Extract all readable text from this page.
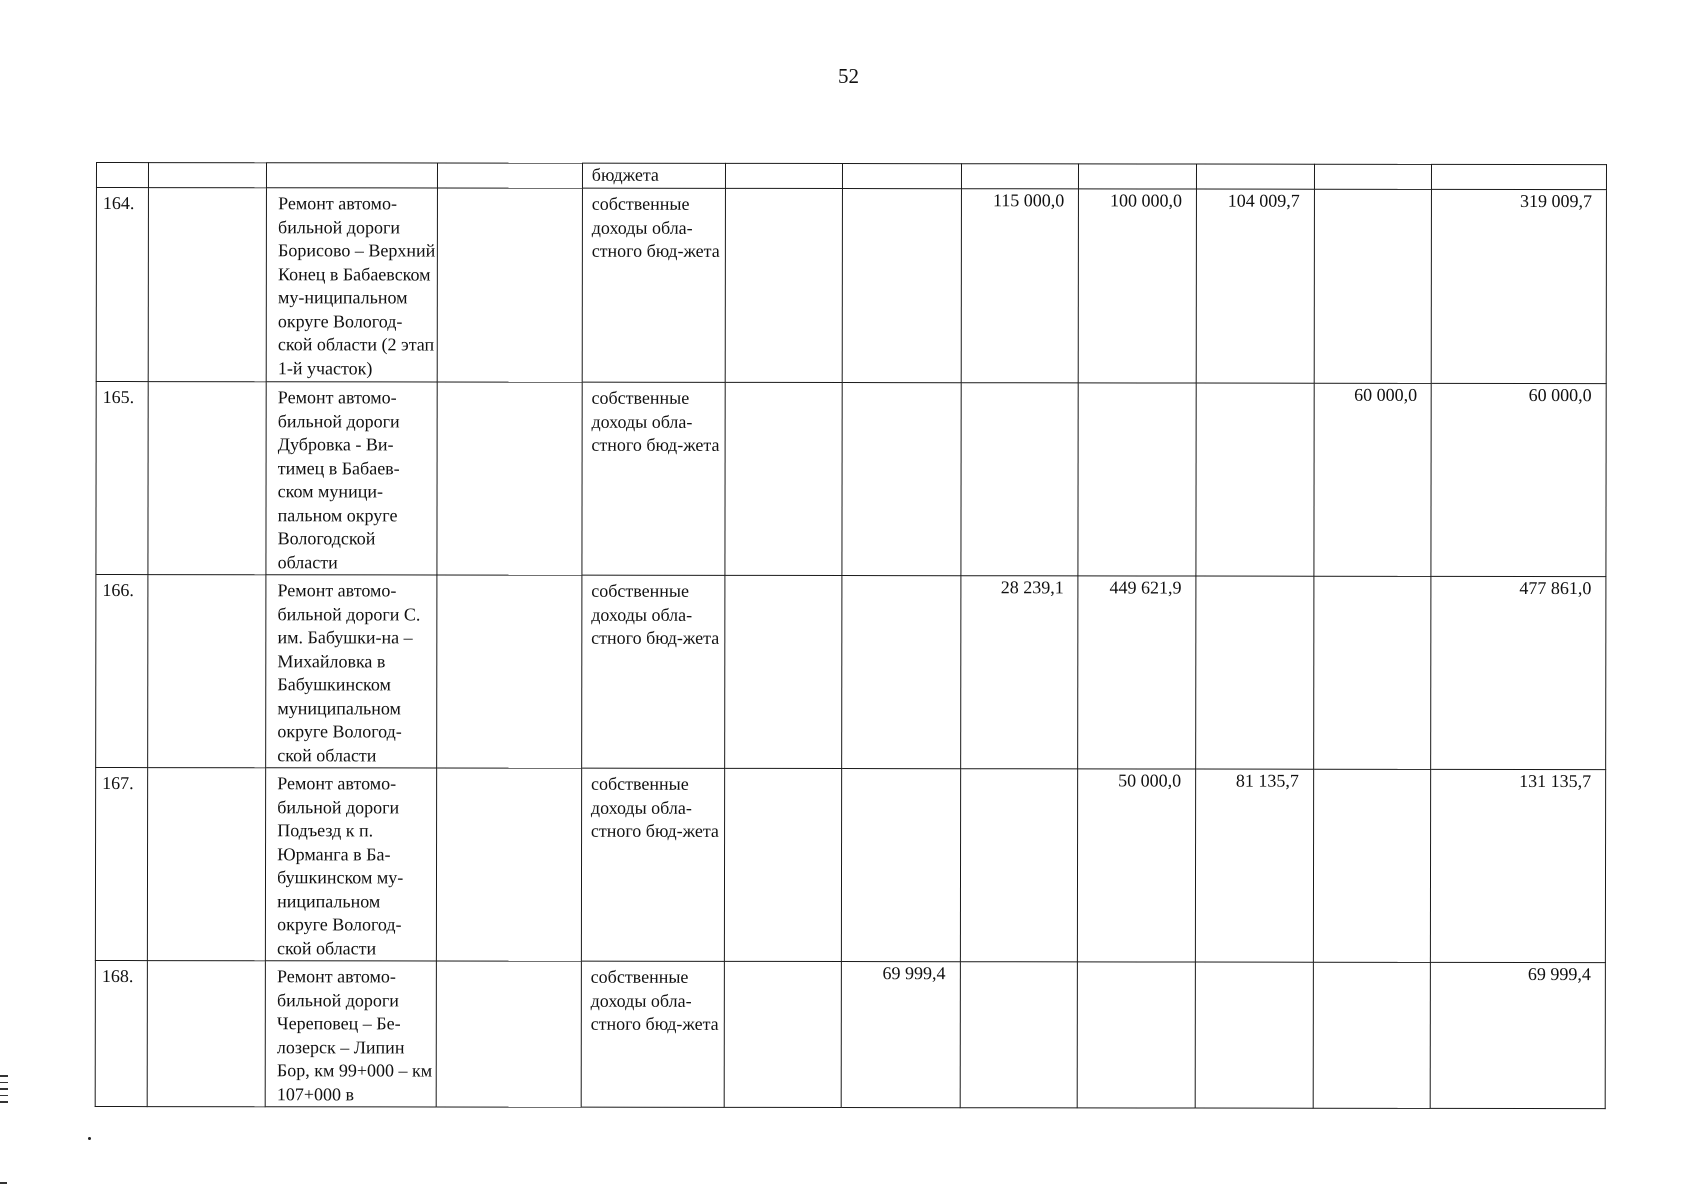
52
				бюджета							
164.		Ремонт автомо-бильной дороги Борисово – Верхний Конец в Бабаевском му-ниципальном округе Вологод-ской области (2 этап 1-й участок)		собственные доходы обла-стного бюд-жета			115 000,0	100 000,0	104 009,7		319 009,7
165.		Ремонт автомо-бильной дороги Дубровка - Ви-тимец в Бабаев-ском муници-пальном округе Вологодской области		собственные доходы обла-стного бюд-жета						60 000,0	60 000,0
166.		Ремонт автомо-бильной дороги С. им. Бабушки-на – Михайловка в Бабушкинском муниципальном округе Вологод-ской области		собственные доходы обла-стного бюд-жета			28 239,1	449 621,9			477 861,0
167.		Ремонт автомо-бильной дороги Подъезд к п. Юрманга в Ба-бушкинском му-ниципальном округе Вологод-ской области		собственные доходы обла-стного бюд-жета				50 000,0	81 135,7		131 135,7
168.		Ремонт автомо-бильной дороги Череповец – Бе-лозерск – Липин Бор, км 99+000 – км 107+000 в		собственные доходы обла-стного бюд-жета		69 999,4					69 999,4
